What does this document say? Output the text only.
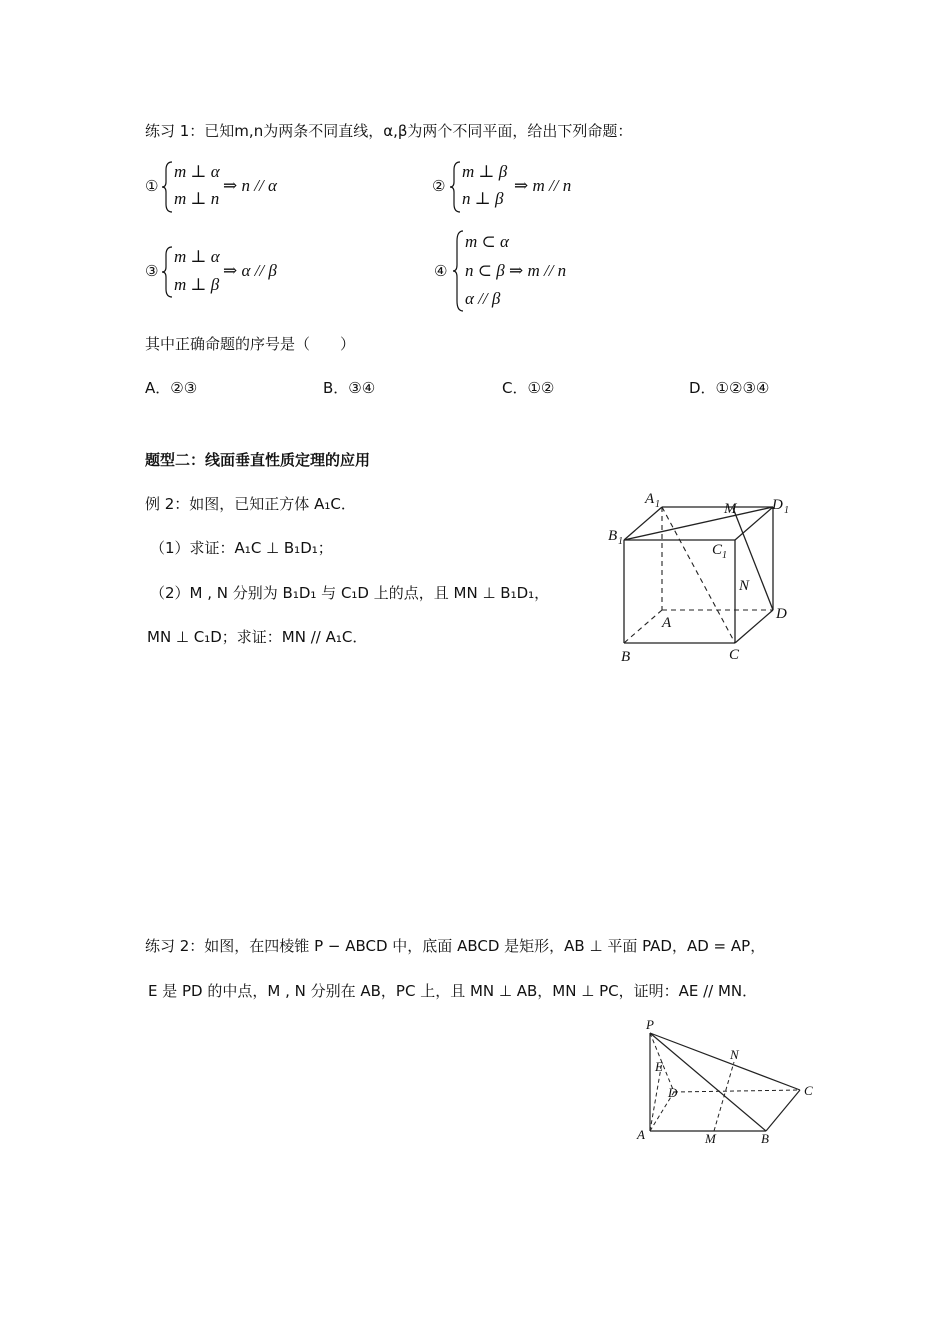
练习 1：已知m,n为两条不同直线，α,β为两个不同平面，给出下列命题：
①
m ⊥ α
m ⊥ n
⇒ n // α	②
m ⊥ β
n ⊥ β
⇒ m // n
③
m ⊥ α
m ⊥ β
⇒ α // β	④
m ⊂ α
n ⊂ β ⇒ m // n
α // β
其中正确命题的序号是（　　）
A．②③	B．③④	C．①②	D．①②③④
题型二：线面垂直性质定理的应用
例 2：如图，已知正方体 A₁C．
（1）求证：A₁C ⊥ B₁D₁；
（2）M , N 分别为 B₁D₁ 与 C₁D 上的点，且 MN ⊥ B₁D₁，
MN ⊥ C₁D；求证：MN // A₁C．
A 1	M D 1
B 1
C 1
N
A
D
B	C
练习 2：如图，在四棱锥 P − ABCD 中，底面 ABCD 是矩形，AB ⊥ 平面 PAD，AD = AP，
E 是 PD 的中点，M , N 分别在 AB，PC 上，且 MN ⊥ AB，MN ⊥ PC，证明：AE // MN．
P
N
E
D	C
A	M	B
